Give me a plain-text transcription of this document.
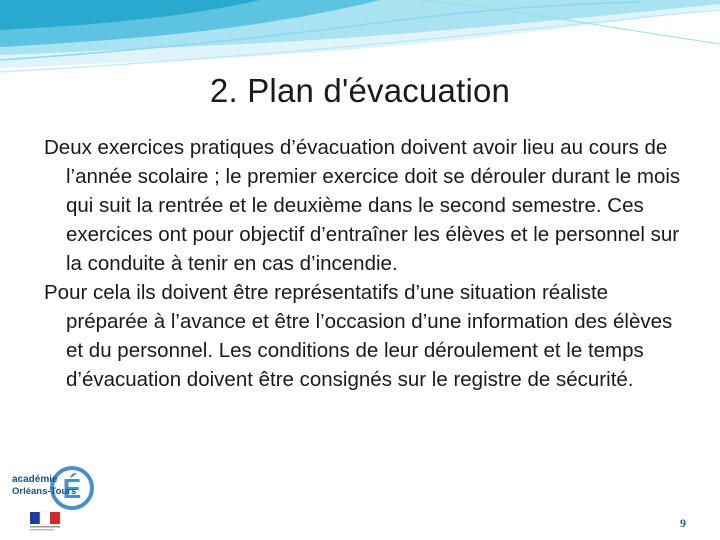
2. Plan d'évacuation

Deux exercices pratiques d’évacuation doivent avoir lieu au cours de l’année scolaire ; le premier exercice doit se dérouler durant le mois qui suit la rentrée et le deuxième dans le second semestre. Ces exercices ont pour objectif d’entraîner les élèves et le personnel sur la conduite à tenir en cas d’incendie.

Pour cela ils doivent être représentatifs d’une situation réaliste préparée à l’avance et être l’occasion d’une information des élèves et du personnel. Les conditions de leur déroulement et le temps d’évacuation doivent être consignés sur le registre de sécurité.

É
académie
Orléans-Tours
9
